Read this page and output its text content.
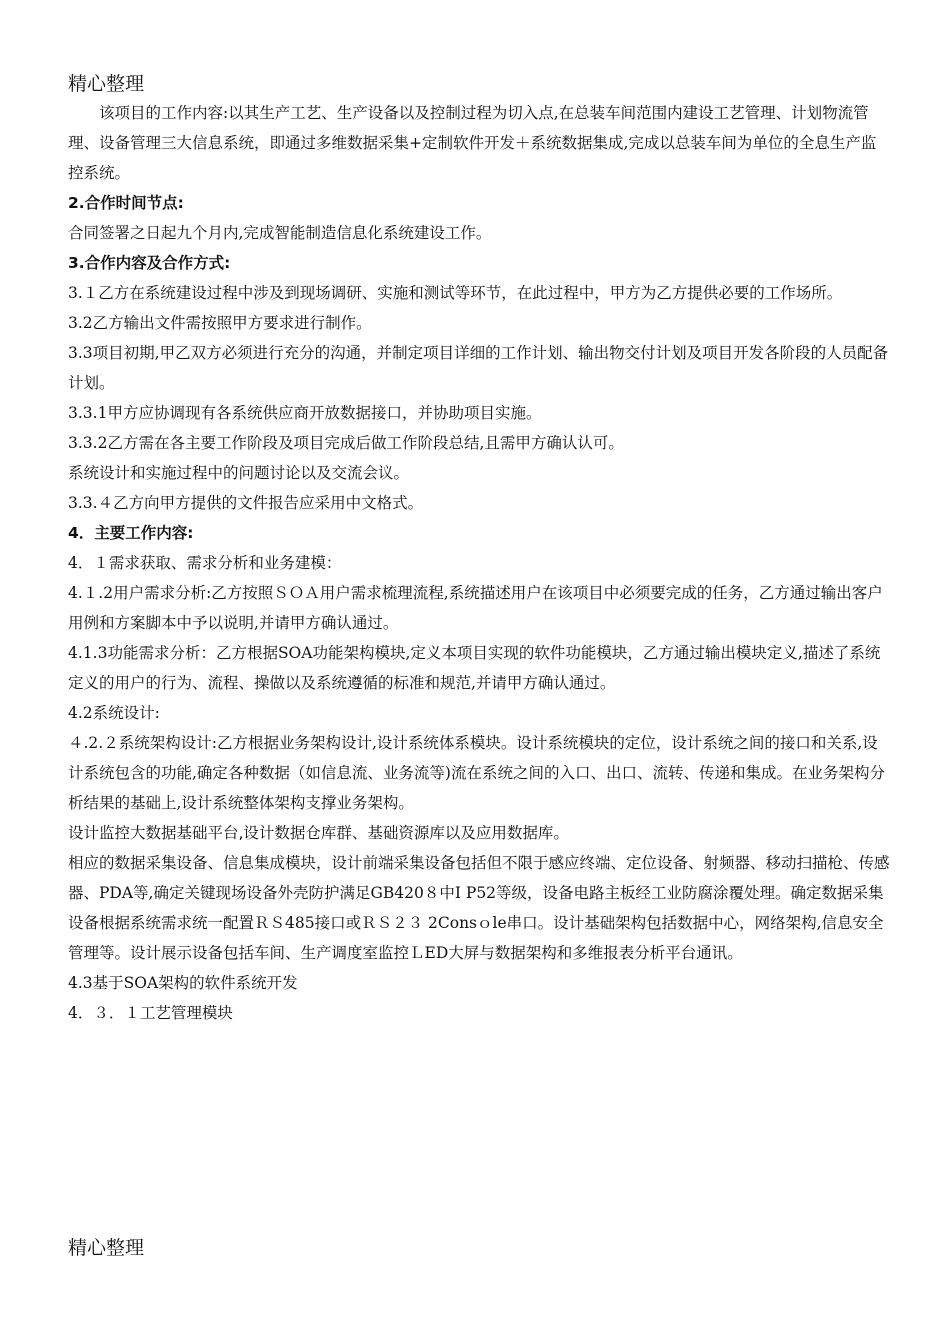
精心整理

该项目的工作内容:以其生产工艺、生产设备以及控制过程为切入点,在总装车间范围内建设工艺管理、计划物流管理、设备管理三大信息系统，即通过多维数据采集+定制软件开发＋系统数据集成,完成以总装车间为单位的全息生产监控系统。

2.合作时间节点:

合同签署之日起九个月内,完成智能制造信息化系统建设工作。

3.合作内容及合作方式:

3.１乙方在系统建设过程中涉及到现场调研、实施和测试等环节，在此过程中，甲方为乙方提供必要的工作场所。

3.2乙方输出文件需按照甲方要求进行制作。

3.3项目初期,甲乙双方必须进行充分的沟通，并制定项目详细的工作计划、输出物交付计划及项目开发各阶段的人员配备计划。

3.3.1甲方应协调现有各系统供应商开放数据接口，并协助项目实施。

3.3.2乙方需在各主要工作阶段及项目完成后做工作阶段总结,且需甲方确认认可。

系统设计和实施过程中的问题讨论以及交流会议。

3.3.４乙方向甲方提供的文件报告应采用中文格式。

4．主要工作内容:

4．１需求获取、需求分析和业务建模：

4.１.2用户需求分析:乙方按照ＳＯＡ用户需求梳理流程,系统描述用户在该项目中必须要完成的任务，乙方通过输出客户用例和方案脚本中予以说明,并请甲方确认通过。

4.1.3功能需求分析：乙方根据SOA功能架构模块,定义本项目实现的软件功能模块，乙方通过输出模块定义,描述了系统定义的用户的行为、流程、操做以及系统遵循的标准和规范,并请甲方确认通过。

4.2系统设计:

４.2.２系统架构设计:乙方根据业务架构设计,设计系统体系模块。设计系统模块的定位，设计系统之间的接口和关系,设计系统包含的功能,确定各种数据（如信息流、业务流等)流在系统之间的入口、出口、流转、传递和集成。在业务架构分析结果的基础上,设计系统整体架构支撑业务架构。

设计监控大数据基础平台,设计数据仓库群、基础资源库以及应用数据库。

相应的数据采集设备、信息集成模块，设计前端采集设备包括但不限于感应终端、定位设备、射频器、移动扫描枪、传感器、PDA等,确定关键现场设备外壳防护满足GB420８中Ⅰ P52等级，设备电路主板经工业防腐涂覆处理。确定数据采集设备根据系统需求统一配置ＲＳ485接口或ＲＳ２３ 2Consｏle串口。设计基础架构包括数据中心，网络架构,信息安全管理等。设计展示设备包括车间、生产调度室监控ＬED大屏与数据架构和多维报表分析平台通讯。

4.3基于SOA架构的软件系统开发

4．３．１工艺管理模块

精心整理
